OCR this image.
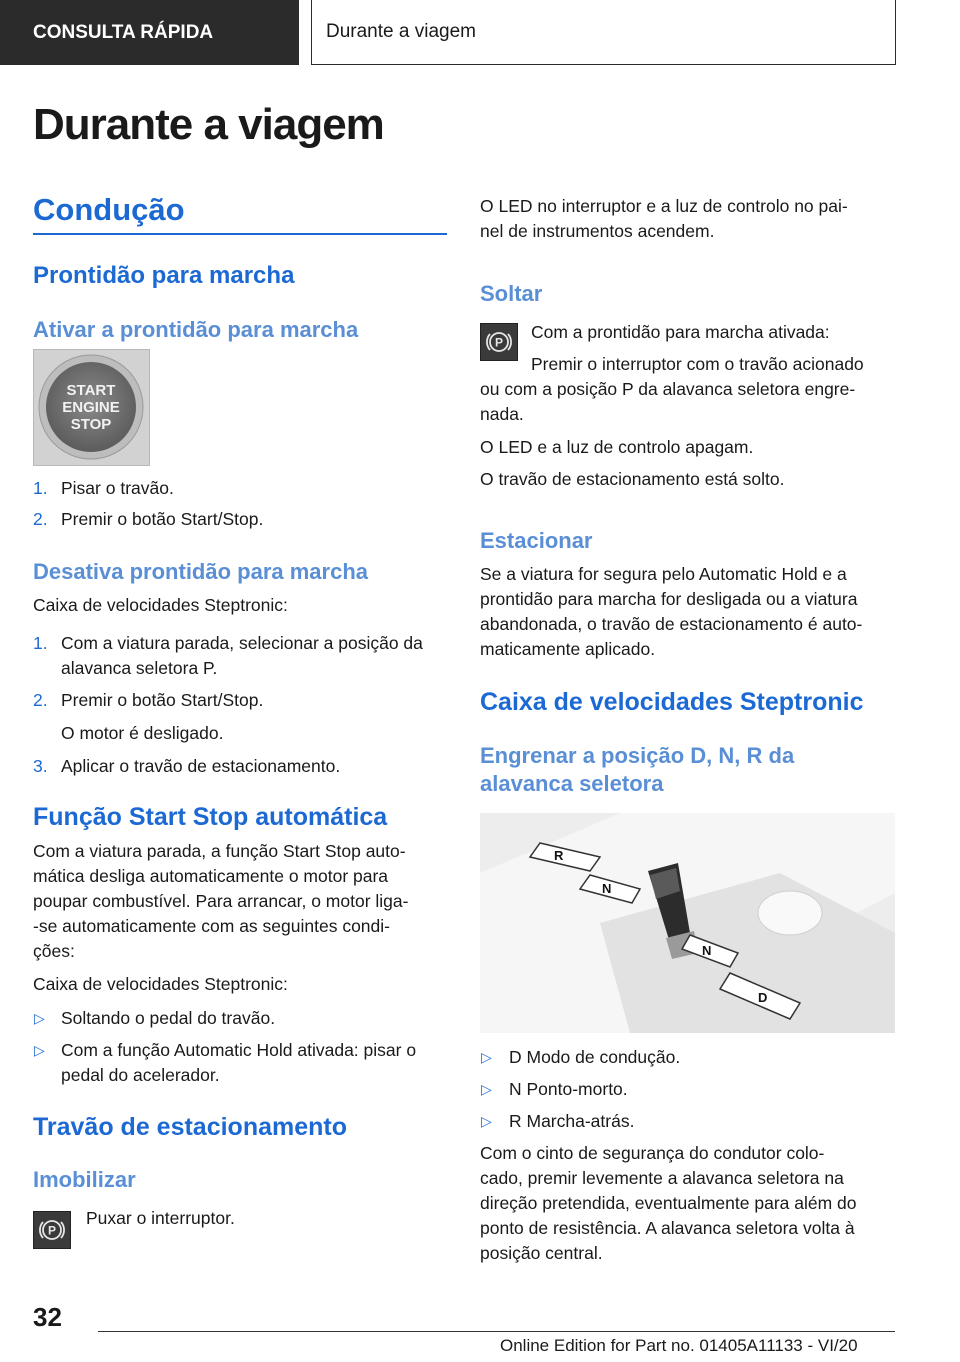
CONSULTA RÁPIDA	Durante a viagem
Durante a viagem
Condução
Prontidão para marcha
Ativar a prontidão para marcha
START
ENGINE
STOP
1. Pisar o travão.
2. Premir o botão Start/Stop.
Desativa prontidão para marcha
Caixa de velocidades Steptronic:
1. Com a viatura parada, selecionar a posição da
alavanca seletora P.
2. Premir o botão Start/Stop.
O motor é desligado.
3. Aplicar o travão de estacionamento.
Função Start Stop automática
Com a viatura parada, a função Start Stop auto-
mática desliga automaticamente o motor para
poupar combustível. Para arrancar, o motor liga-
-se automaticamente com as seguintes condi-
ções:
Caixa de velocidades Steptronic:
▷ Soltando o pedal do travão.
▷ Com a função Automatic Hold ativada: pisar o
pedal do acelerador.
Travão de estacionamento
Imobilizar
P
Puxar o interruptor.
O LED no interruptor e a luz de controlo no pai-
nel de instrumentos acendem.
Soltar
P
Com a prontidão para marcha ativada:
Premir o interruptor com o travão acionado
ou com a posição P da alavanca seletora engre-
nada.
O LED e a luz de controlo apagam.
O travão de estacionamento está solto.
Estacionar
Se a viatura for segura pelo Automatic Hold e a
prontidão para marcha for desligada ou a viatura
abandonada, o travão de estacionamento é auto-
maticamente aplicado.
Caixa de velocidades Steptronic
Engrenar a posição D, N, R da
alavanca seletora
R
N
N
D
▷ D Modo de condução.
▷ N Ponto-morto.
▷ R Marcha-atrás.
Com o cinto de segurança do condutor colo-
cado, premir levemente a alavanca seletora na
direção pretendida, eventualmente para além do
ponto de resistência. A alavanca seletora volta à
posição central.
32
Online Edition for Part no. 01405A11133 - VI/20
